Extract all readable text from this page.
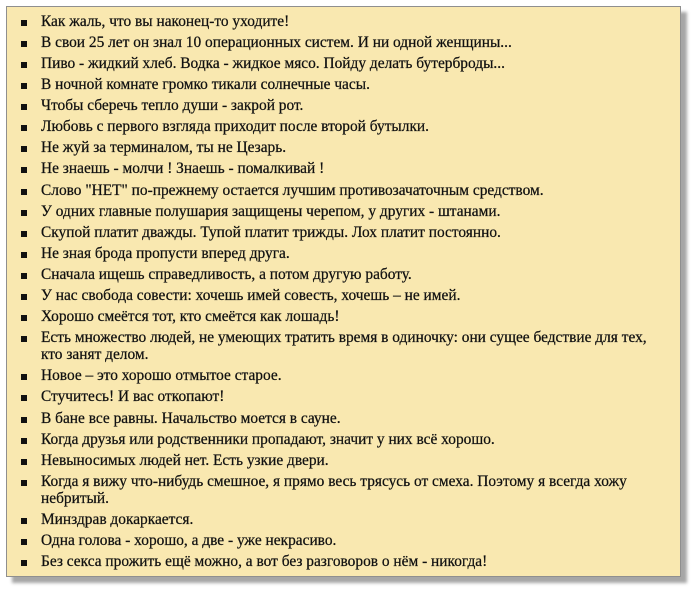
Как жаль, что вы наконец-то уходите!
В свои 25 лет он знал 10 операционных систем. И ни одной женщины...
Пиво - жидкий хлеб. Водка - жидкое мясо. Пойду делать бутерброды...
В ночной комнате громко тикали солнечные часы.
Чтобы сберечь тепло души - закрой рот.
Любовь с первого взгляда приходит после второй бутылки.
Не жуй за терминалом, ты не Цезарь.
Не знаешь - молчи ! Знаешь - помалкивай !
Слово "НЕТ" по-прежнему остается лучшим противозачаточным средством.
У одних главные полушария защищены черепом, у других - штанами.
Скупой платит дважды. Тупой платит трижды. Лох платит постоянно.
Не зная брода пропусти вперед друга.
Сначала ищешь справедливость, а потом другую работу.
У нас свобода совести: хочешь имей совесть, хочешь – не имей.
Хорошо смеётся тот, кто смеётся как лошадь!
Есть множество людей, не умеющих тратить время в одиночку: они сущее бедствие для тех, кто занят делом.
Новое – это хорошо отмытое старое.
Стучитесь! И вас откопают!
В бане все равны. Начальство моется в сауне.
Когда друзья или родственники пропадают, значит у них всё хорошо.
Невыносимых людей нет. Есть узкие двери.
Когда я вижу что-нибудь смешное, я прямо весь трясусь от смеха. Поэтому я всегда хожу небритый.
Минздрав докаркается.
Одна голова - хорошо, а две - уже некрасиво.
Без секса прожить ещё можно, а вот без разговоров о нём - никогда!
